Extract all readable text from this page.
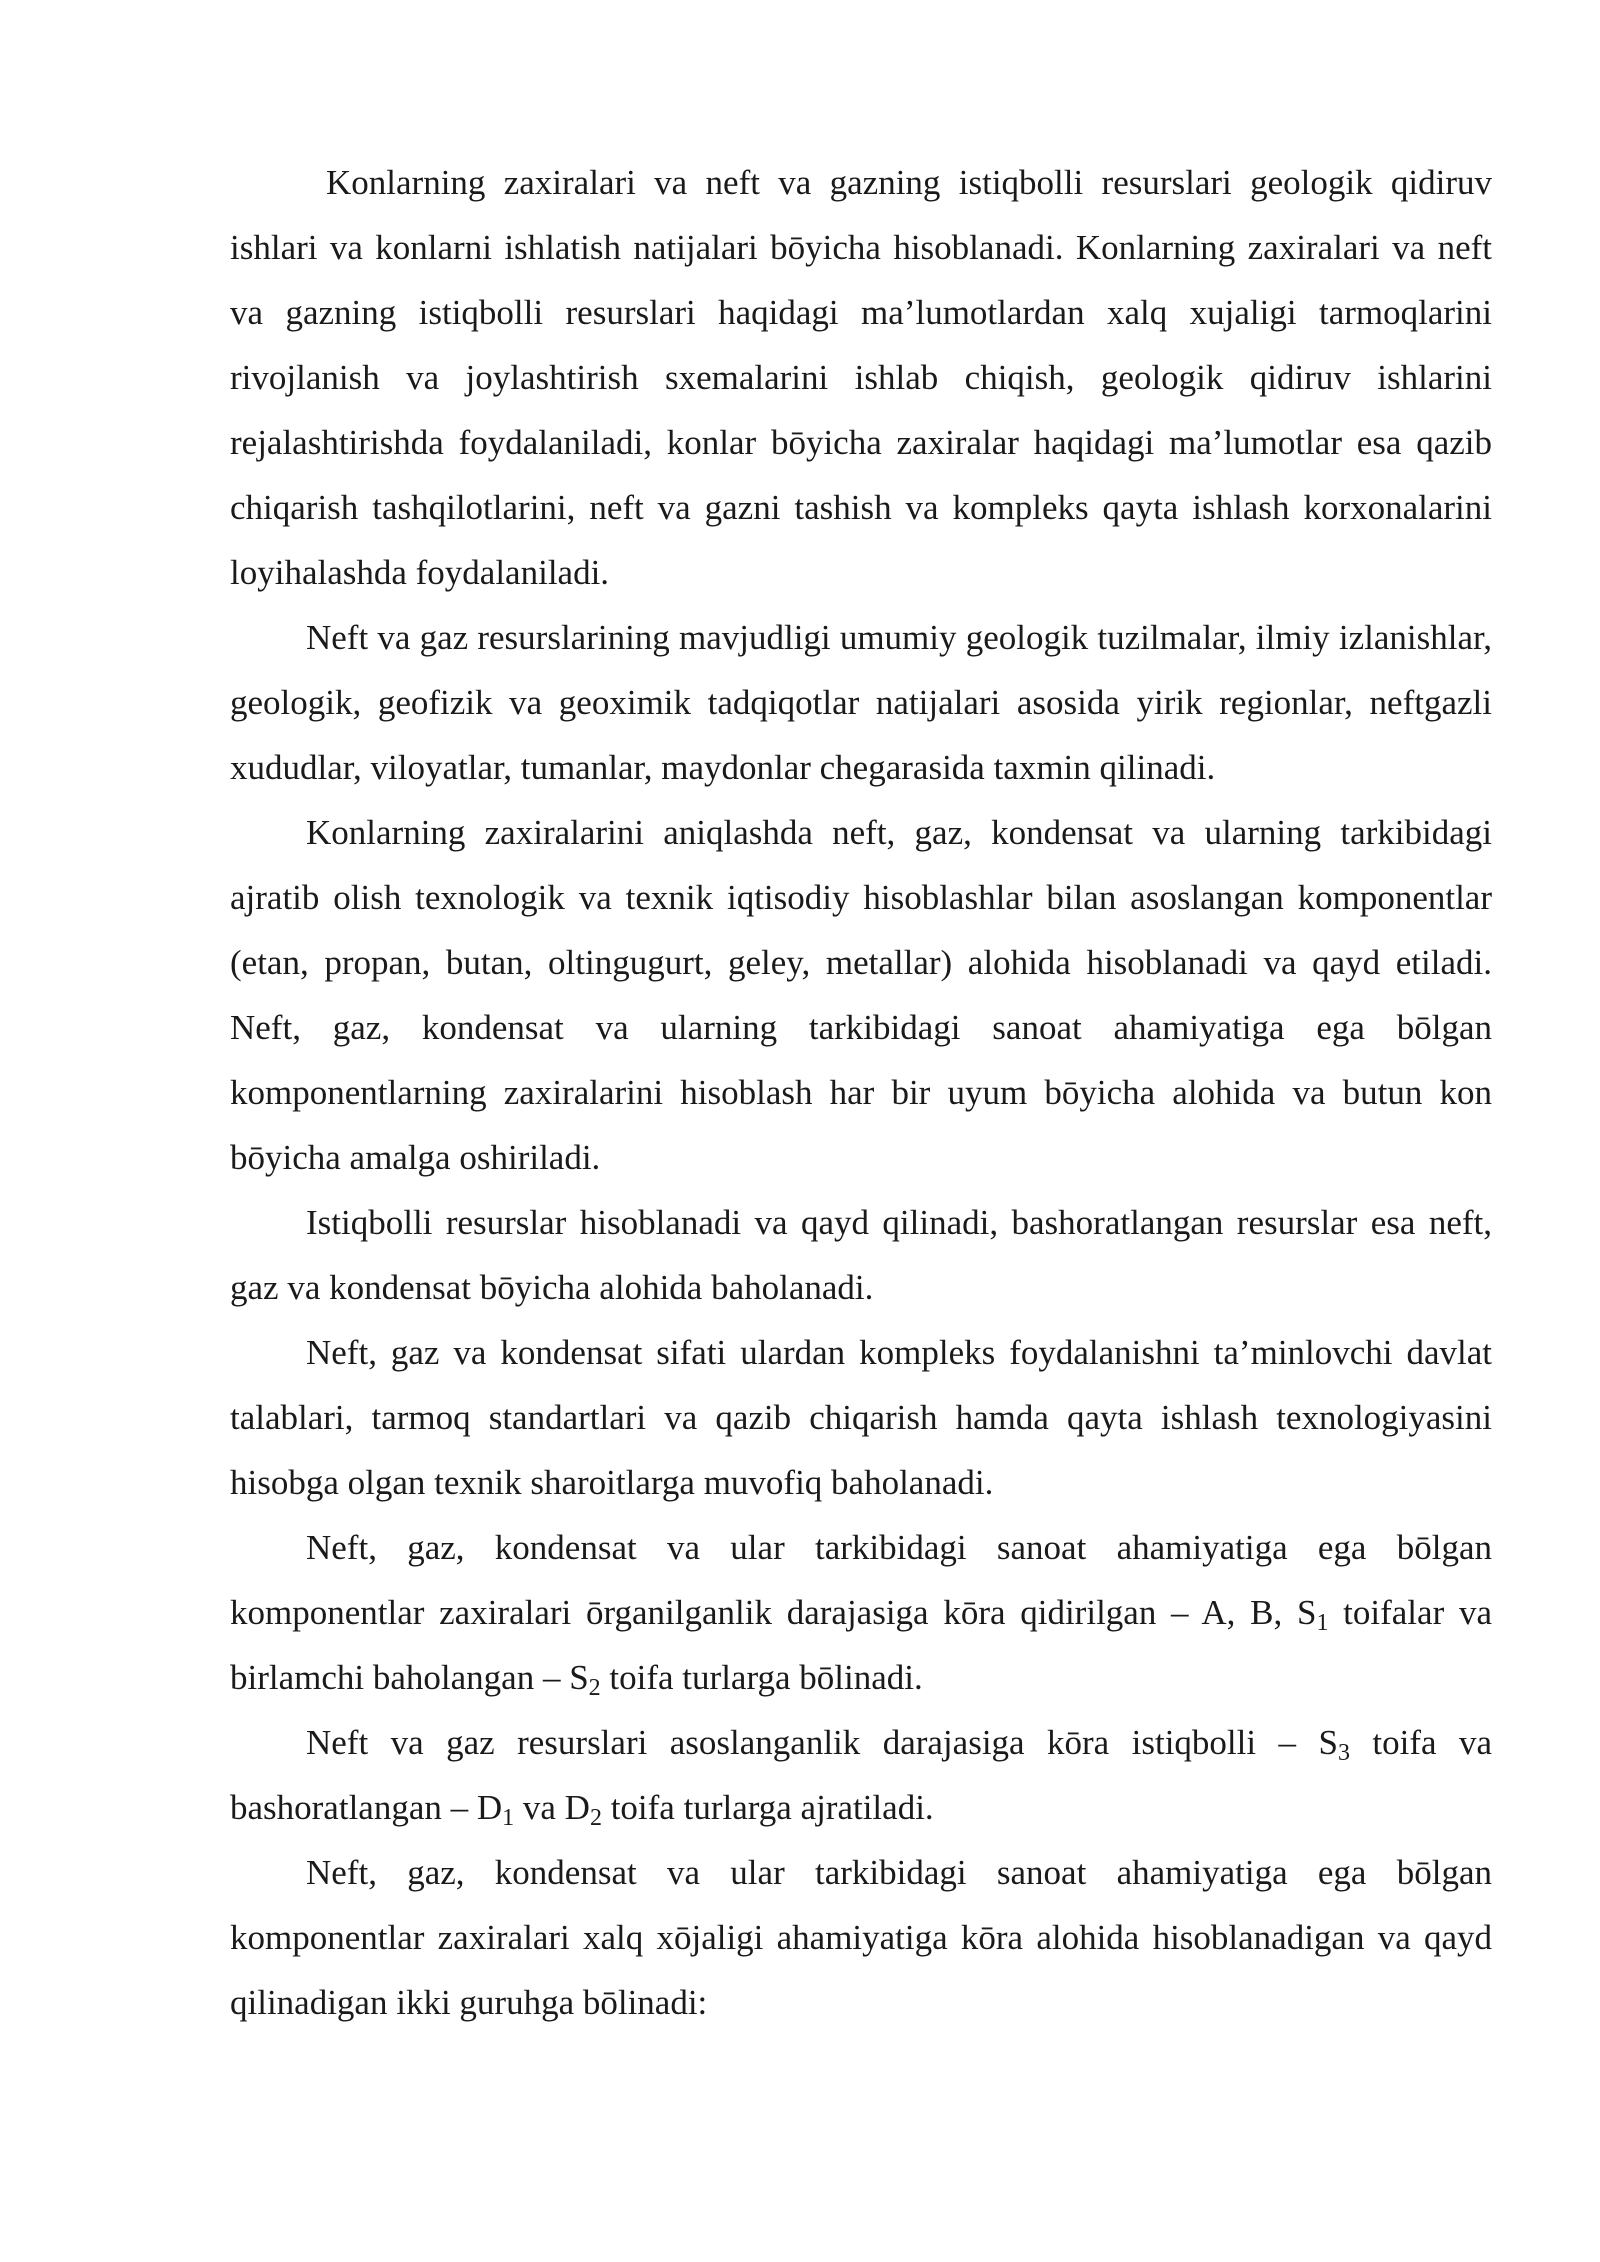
Konlarning zaxiralari va neft va gazning istiqbolli resurslari geologik qidiruv ishlari va konlarni ishlatish natijalari bōyicha hisoblanadi. Konlarning zaxiralari va neft va gazning istiqbolli resurslari haqidagi ma’lumotlardan xalq xujaligi tarmoqlarini rivojlanish va joylashtirish sxemalarini ishlab chiqish, geologik qidiruv ishlarini rejalashtirishda foydalaniladi, konlar bōyicha zaxiralar haqidagi ma’lumotlar esa qazib chiqarish tashqilotlarini, neft va gazni tashish va kompleks qayta ishlash korxonalarini loyihalashda foydalaniladi.

Neft va gaz resurslarining mavjudligi umumiy geologik tuzilmalar, ilmiy izlanishlar, geologik, geofizik va geoximik tadqiqotlar natijalari asosida yirik regionlar, neftgazli xududlar, viloyatlar, tumanlar, maydonlar chegarasida taxmin qilinadi.

Konlarning zaxiralarini aniqlashda neft, gaz, kondensat va ularning tarkibidagi ajratib olish texnologik va texnik iqtisodiy hisoblashlar bilan asoslangan komponentlar (etan, propan, butan, oltingugurt, geley, metallar) alohida hisoblanadi va qayd etiladi. Neft, gaz, kondensat va ularning tarkibidagi sanoat ahamiyatiga ega bōlgan komponentlarning zaxiralarini hisoblash har bir uyum bōyicha alohida va butun kon bōyicha amalga oshiriladi.

Istiqbolli resurslar hisoblanadi va qayd qilinadi, bashoratlangan resurslar esa neft, gaz va kondensat bōyicha alohida baholanadi.

Neft, gaz va kondensat sifati ulardan kompleks foydalanishni ta’minlovchi davlat talablari, tarmoq standartlari va qazib chiqarish hamda qayta ishlash texnologiyasini hisobga olgan texnik sharoitlarga muvofiq baholanadi.

Neft, gaz, kondensat va ular tarkibidagi sanoat ahamiyatiga ega bōlgan komponentlar zaxiralari ōrganilganlik darajasiga kōra qidirilgan – A, B, $S_1$ toifalar va birlamchi baholangan – $S_2$ toifa turlarga bōlinadi.

Neft va gaz resurslari asoslanganlik darajasiga kōra istiqbolli – $S_3$ toifa va bashoratlangan – $D_1$ va $D_2$ toifa turlarga ajratiladi.

Neft, gaz, kondensat va ular tarkibidagi sanoat ahamiyatiga ega bōlgan komponentlar zaxiralari xalq xōjaligi ahamiyatiga kōra alohida hisoblanadigan va qayd qilinadigan ikki guruhga bōlinadi:
